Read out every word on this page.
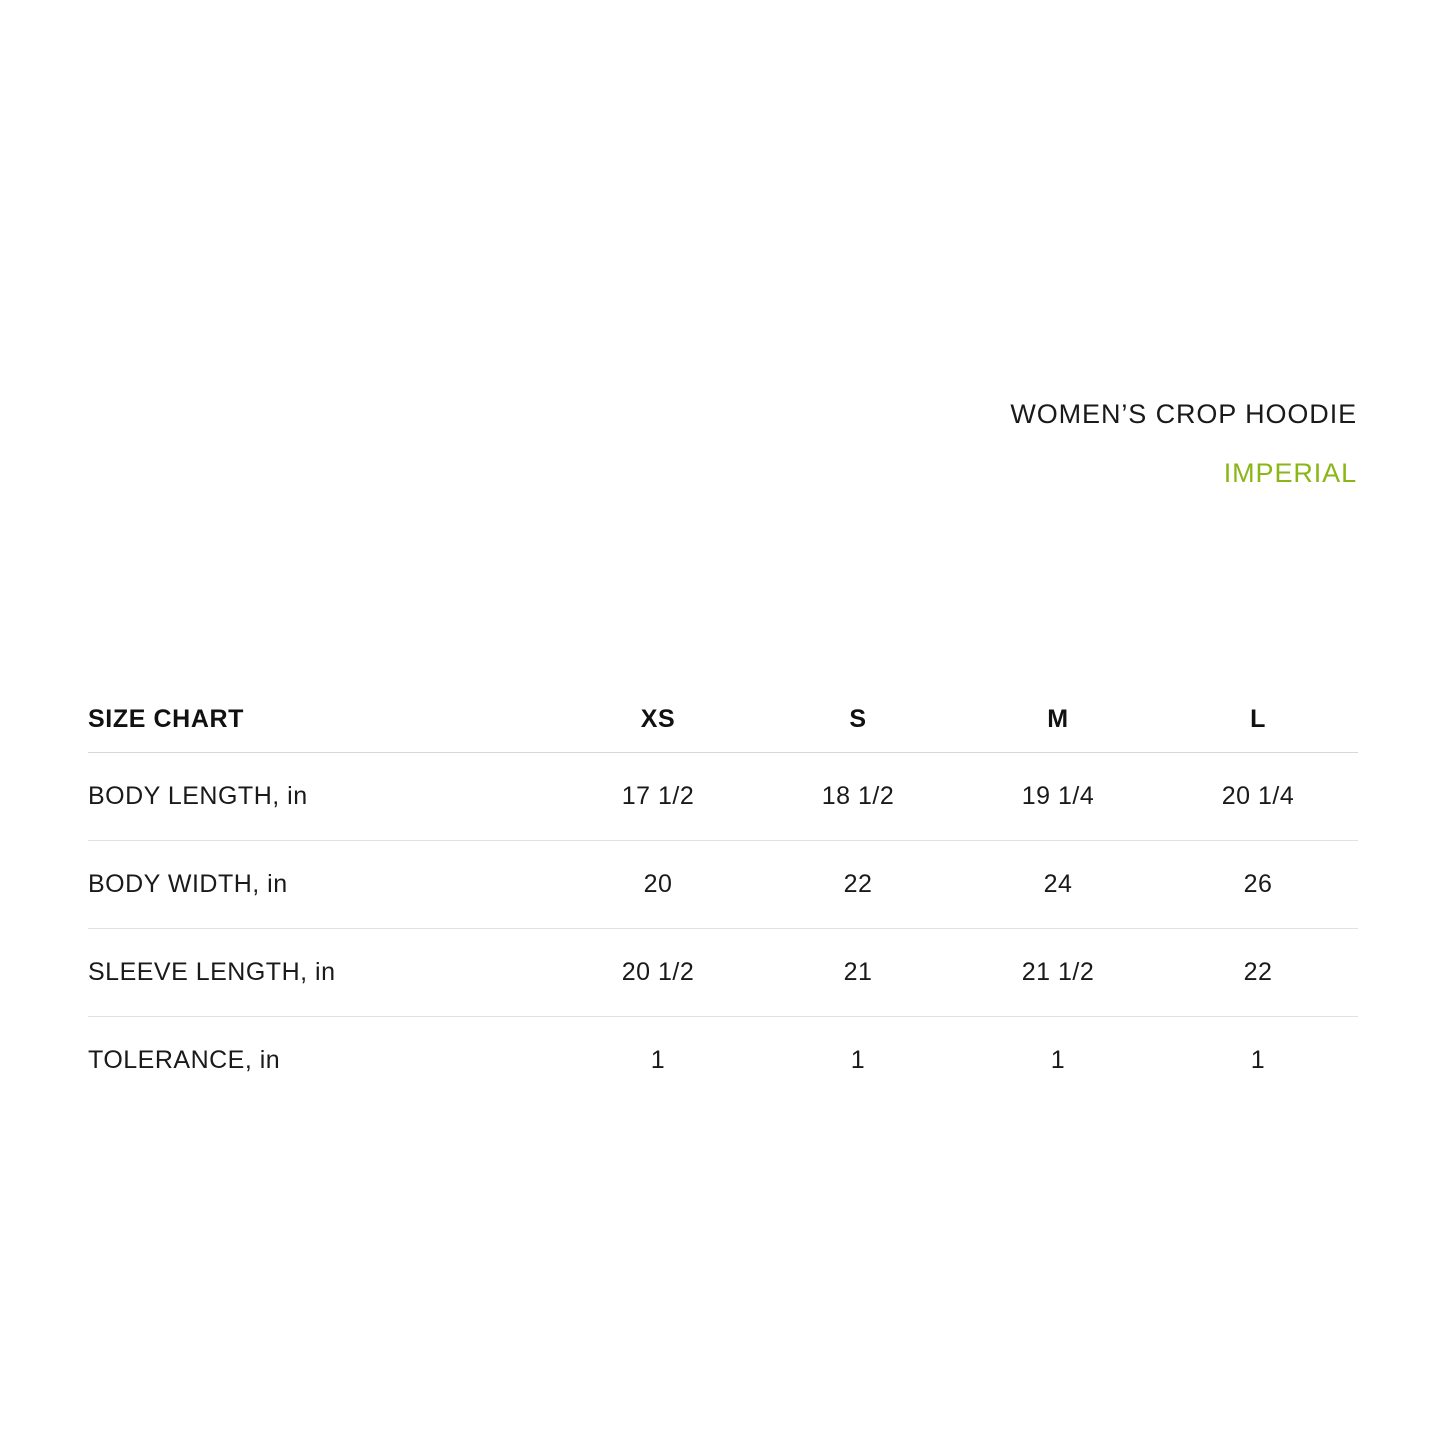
WOMEN’S CROP HOODIE
IMPERIAL
SIZE CHART	XS	S	M	L
BODY LENGTH, in	17 1/2	18 1/2	19 1/4	20 1/4
BODY WIDTH, in	20	22	24	26
SLEEVE LENGTH, in	20 1/2	21	21 1/2	22
TOLERANCE, in	1	1	1	1
